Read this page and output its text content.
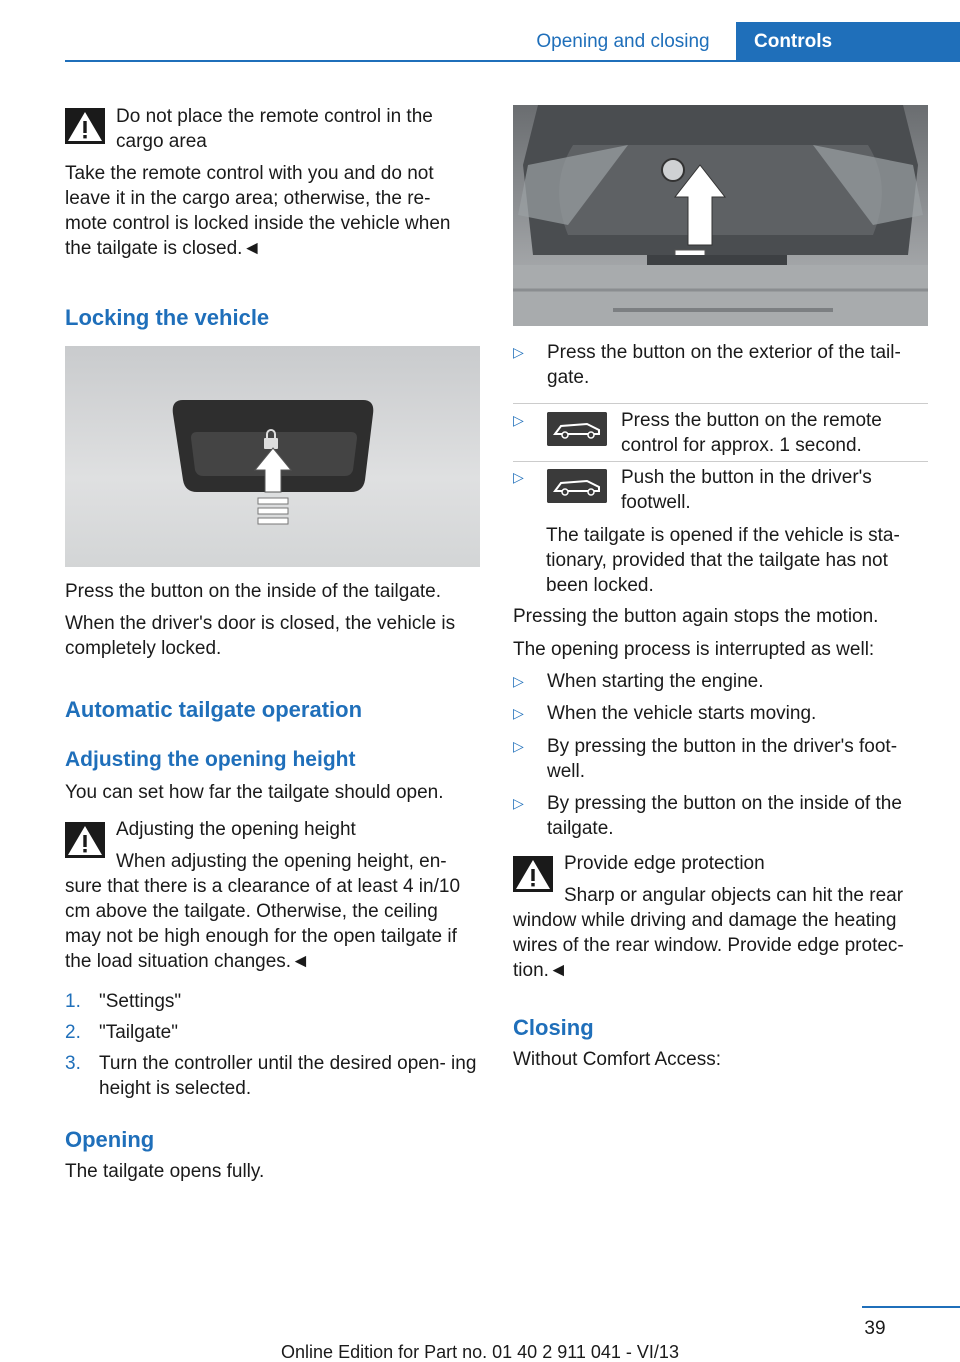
Opening and closing	Controls

Do not place the remote control in the cargo area

Take the remote control with you and do not leave it in the cargo area; otherwise, the re- mote control is locked inside the vehicle when the tailgate is closed.◄

Locking the vehicle

Press the button on the inside of the tailgate.

When the driver's door is closed, the vehicle is completely locked.

Automatic tailgate operation
Adjusting the opening height

You can set how far the tailgate should open.

Adjusting the opening height

When adjusting the opening height, en- sure that there is a clearance of at least 4 in/10 cm above the tailgate. Otherwise, the ceiling may not be high enough for the open tailgate if the load situation changes.◄

1. "Settings"
2. "Tailgate"
3. Turn the controller until the desired open- ing height is selected.
Opening

The tailgate opens fully.

▷ Press the button on the exterior of the tail- gate.
▷	Press the button on the remote control for approx. 1 second.
▷	Push the button in the driver's footwell.

The tailgate is opened if the vehicle is sta- tionary, provided that the tailgate has not been locked.

Pressing the button again stops the motion.

The opening process is interrupted as well:

▷ When starting the engine.
▷ When the vehicle starts moving.
▷ By pressing the button in the driver's foot- well.
▷ By pressing the button on the inside of the tailgate.

Provide edge protection

Sharp or angular objects can hit the rear window while driving and damage the heating wires of the rear window. Provide edge protec- tion.◄

Closing

Without Comfort Access:

39
Online Edition for Part no. 01 40 2 911 041 - VI/13
